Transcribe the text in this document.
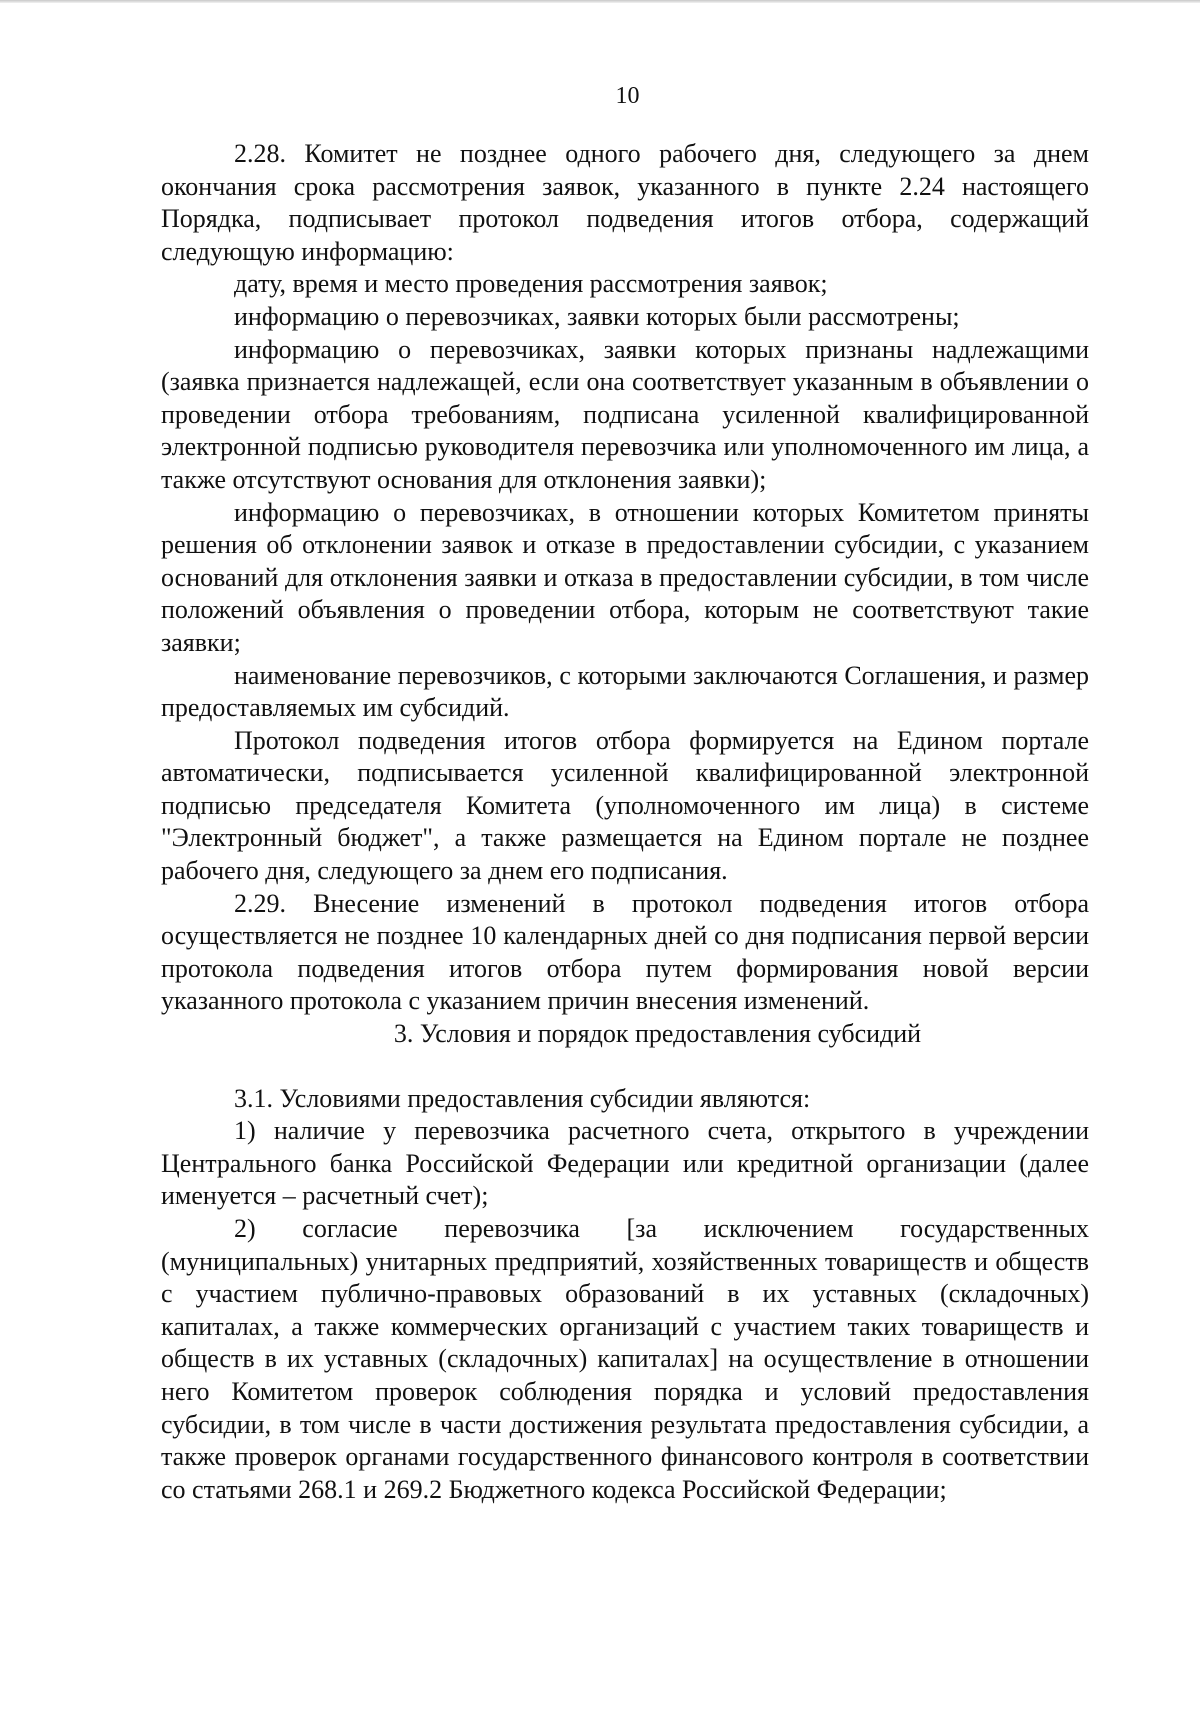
10

2.28. Комитет не позднее одного рабочего дня, следующего за днем окончания срока рассмотрения заявок, указанного в пункте 2.24 настоящего Порядка, подписывает протокол подведения итогов отбора, содержащий следующую информацию:

дату, время и место проведения рассмотрения заявок;

информацию о перевозчиках, заявки которых были рассмотрены;

информацию о перевозчиках, заявки которых признаны надлежащими (заявка признается надлежащей, если она соответствует указанным в объявлении о проведении отбора требованиям, подписана усиленной квалифицированной электронной подписью руководителя перевозчика или уполномоченного им лица, а также отсутствуют основания для отклонения заявки);

информацию о перевозчиках, в отношении которых Комитетом приняты решения об отклонении заявок и отказе в предоставлении субсидии, с указанием оснований для отклонения заявки и отказа в предоставлении субсидии, в том числе положений объявления о проведении отбора, которым не соответствуют такие заявки;

наименование перевозчиков, с которыми заключаются Соглашения, и размер предоставляемых им субсидий.

Протокол подведения итогов отбора формируется на Едином портале автоматически, подписывается усиленной квалифицированной электронной подписью председателя Комитета (уполномоченного им лица) в системе "Электронный бюджет", а также размещается на Едином портале не позднее рабочего дня, следующего за днем его подписания.

2.29. Внесение изменений в протокол подведения итогов отбора осуществляется не позднее 10 календарных дней со дня подписания первой версии протокола подведения итогов отбора путем формирования новой версии указанного протокола с указанием причин внесения изменений.

3. Условия и порядок предоставления субсидий

3.1. Условиями предоставления субсидии являются:

1) наличие у перевозчика расчетного счета, открытого в учреждении Центрального банка Российской Федерации или кредитной организации (далее именуется – расчетный счет);

2) согласие перевозчика [за исключением государственных (муниципальных) унитарных предприятий, хозяйственных товариществ и обществ с участием публично-правовых образований в их уставных (складочных) капиталах, а также коммерческих организаций с участием таких товариществ и обществ в их уставных (складочных) капиталах] на осуществление в отношении него Комитетом проверок соблюдения порядка и условий предоставления субсидии, в том числе в части достижения результата предоставления субсидии, а также проверок органами государственного финансового контроля в соответствии со статьями 268.1 и 269.2 Бюджетного кодекса Российской Федерации;
